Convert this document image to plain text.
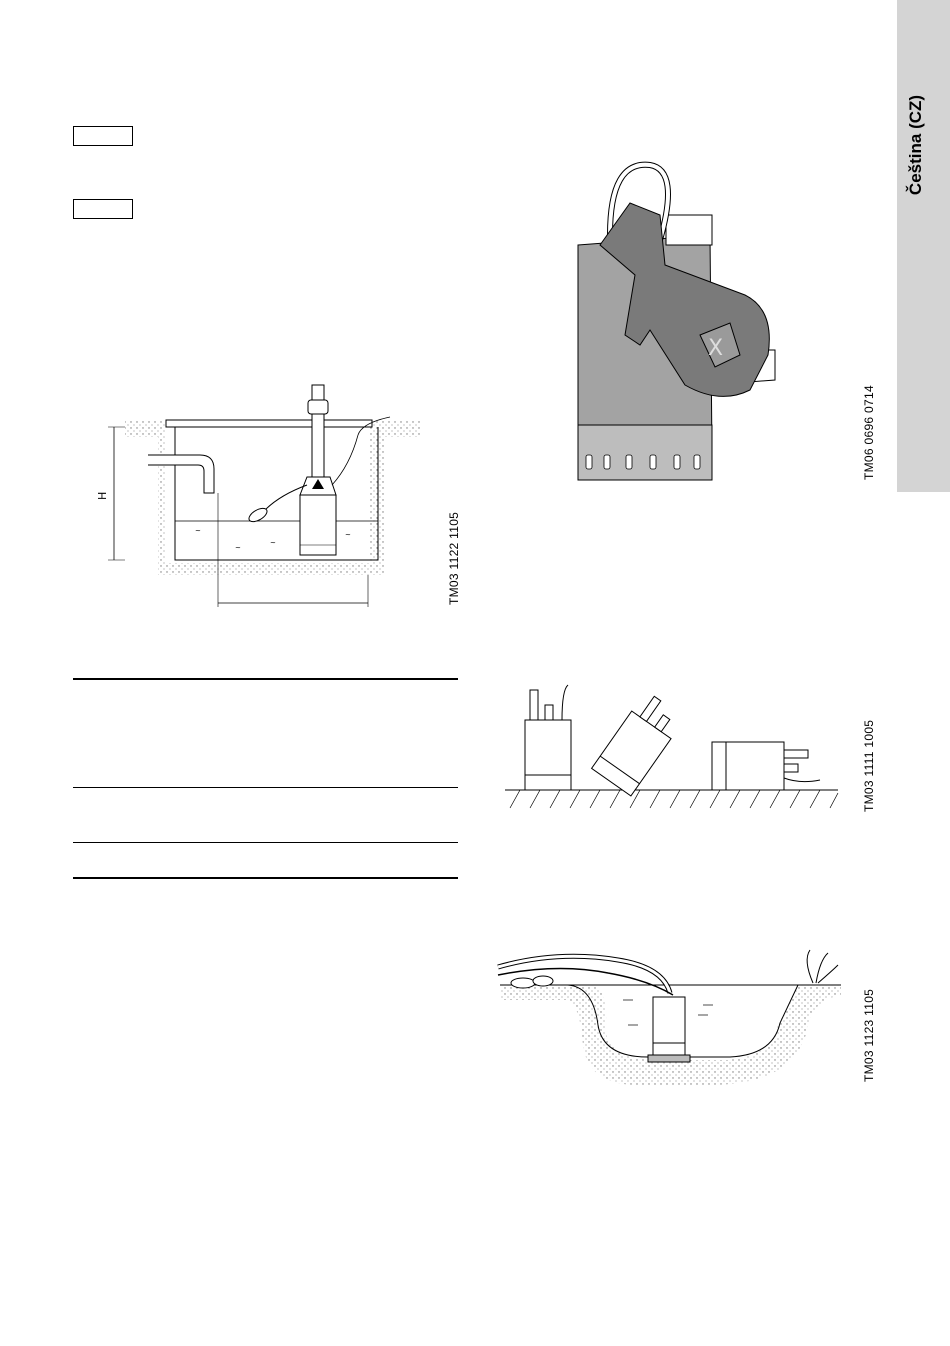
Čeština (CZ)
~
~
~
~
H
TM03 1122 1105
X
TM06 0696 0714
TM03 1111 1005
TM03 1123 1105
